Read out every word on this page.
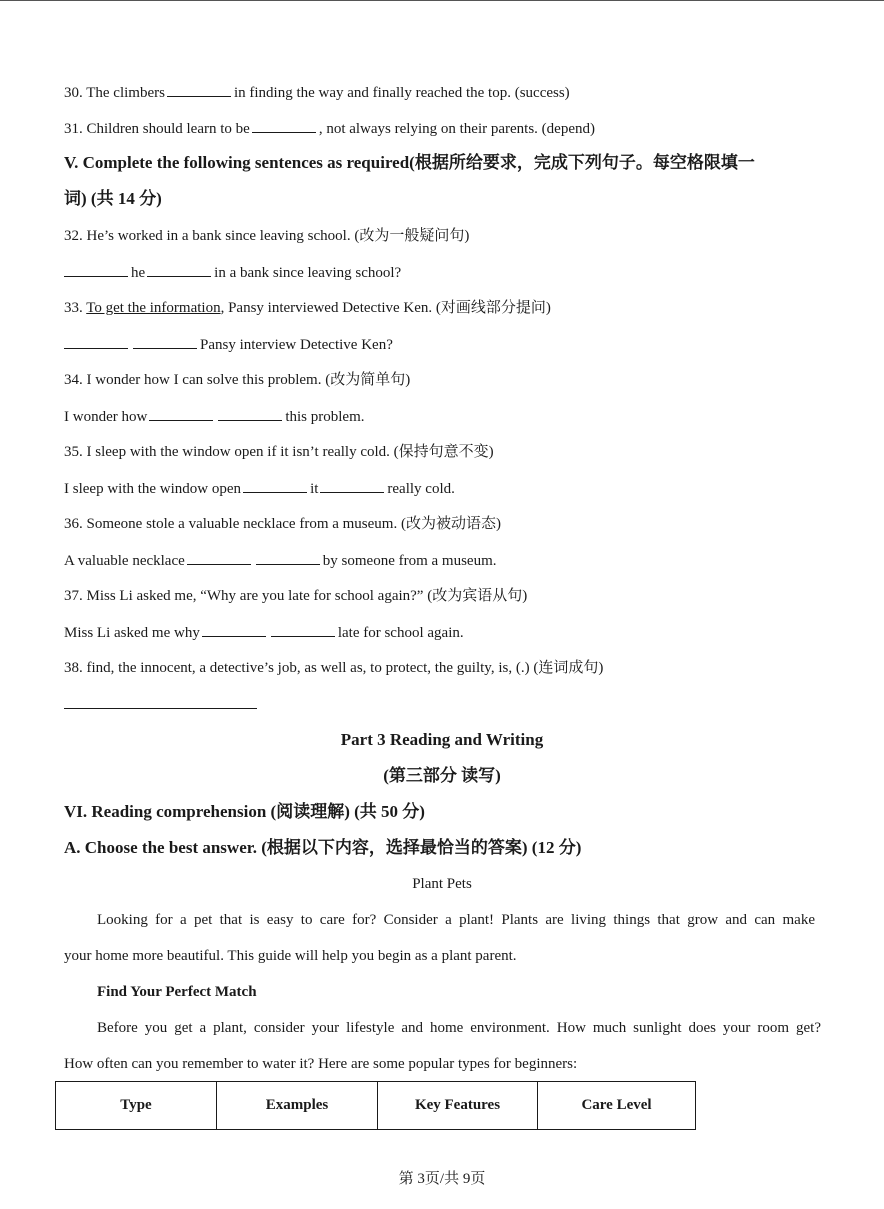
30. The climbers	in finding the way and finally reached the top. (success)
31. Children should learn to be	, not always relying on their parents. (depend)
V. Complete the following sentences as required(根据所给要求，完成下列句子。每空格限填一
词) (共 14 分)
32. He’s worked in a bank since leaving school. (改为一般疑问句)
he	in a bank since leaving school?
33. To get the information, Pansy interviewed Detective Ken. (对画线部分提问)
Pansy interview Detective Ken?
34. I wonder how I can solve this problem. (改为简单句)
I wonder how	this problem.
35. I sleep with the window open if it isn’t really cold. (保持句意不变)
I sleep with the window open	it	really cold.
36. Someone stole a valuable necklace from a museum. (改为被动语态)
A valuable necklace	by someone from a museum.
37. Miss Li asked me, “Why are you late for school again?” (改为宾语从句)
Miss Li asked me why	late for school again.
38. find, the innocent, a detective’s job, as well as, to protect, the guilty, is, (.) (连词成句)
Part 3 Reading and Writing
(第三部分 读写)
VI. Reading comprehension (阅读理解) (共 50 分)
A. Choose the best answer. (根据以下内容，选择最恰当的答案) (12 分)
Plant Pets
Looking for a pet that is easy to care for? Consider a plant! Plants are living things that grow and can make
your home more beautiful. This guide will help you begin as a plant parent.
Find Your Perfect Match
Before you get a plant, consider your lifestyle and home environment. How much sunlight does your room get?
How often can you remember to water it? Here are some popular types for beginners:
Type	Examples	Key Features	Care Level
第 3页/共 9页
